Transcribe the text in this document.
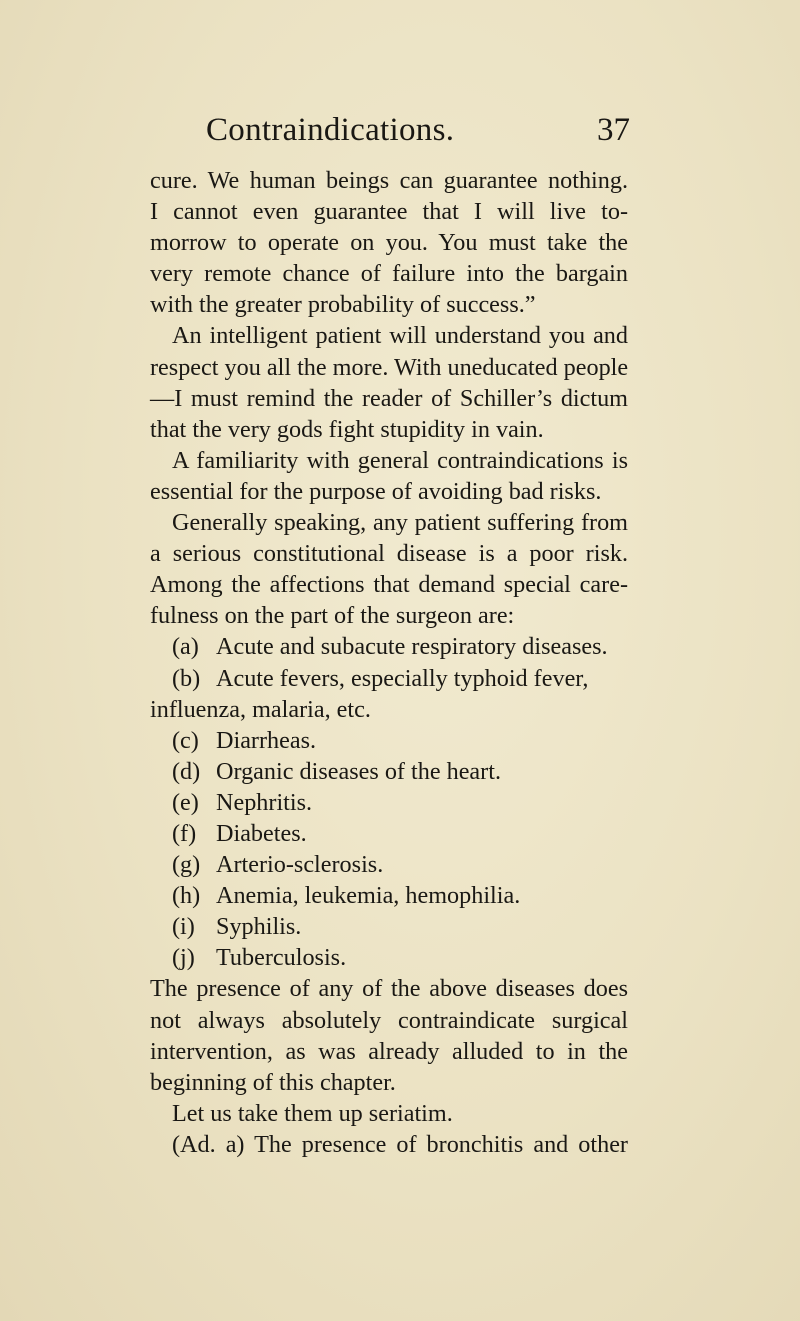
Contraindications.	37
cure. We human beings can guarantee nothing.
I cannot even guarantee that I will live to-
morrow to operate on you. You must take the
very remote chance of failure into the bargain
with the greater probability of success.”
An intelligent patient will understand you and
respect you all the more. With uneducated people
—I must remind the reader of Schiller’s dictum
that the very gods fight stupidity in vain.
A familiarity with general contraindications is
essential for the purpose of avoiding bad risks.
Generally speaking, any patient suffering from
a serious constitutional disease is a poor risk.
Among the affections that demand special care-
fulness on the part of the surgeon are:
(a) Acute and subacute respiratory diseases.
(b) Acute fevers, especially typhoid fever,
influenza, malaria, etc.
(c) Diarrheas.
(d) Organic diseases of the heart.
(e) Nephritis.
(f) Diabetes.
(g) Arterio-sclerosis.
(h) Anemia, leukemia, hemophilia.
(i) Syphilis.
(j) Tuberculosis.
The presence of any of the above diseases does
not always absolutely contraindicate surgical
intervention, as was already alluded to in the
beginning of this chapter.
Let us take them up seriatim.
(Ad. a) The presence of bronchitis and other
